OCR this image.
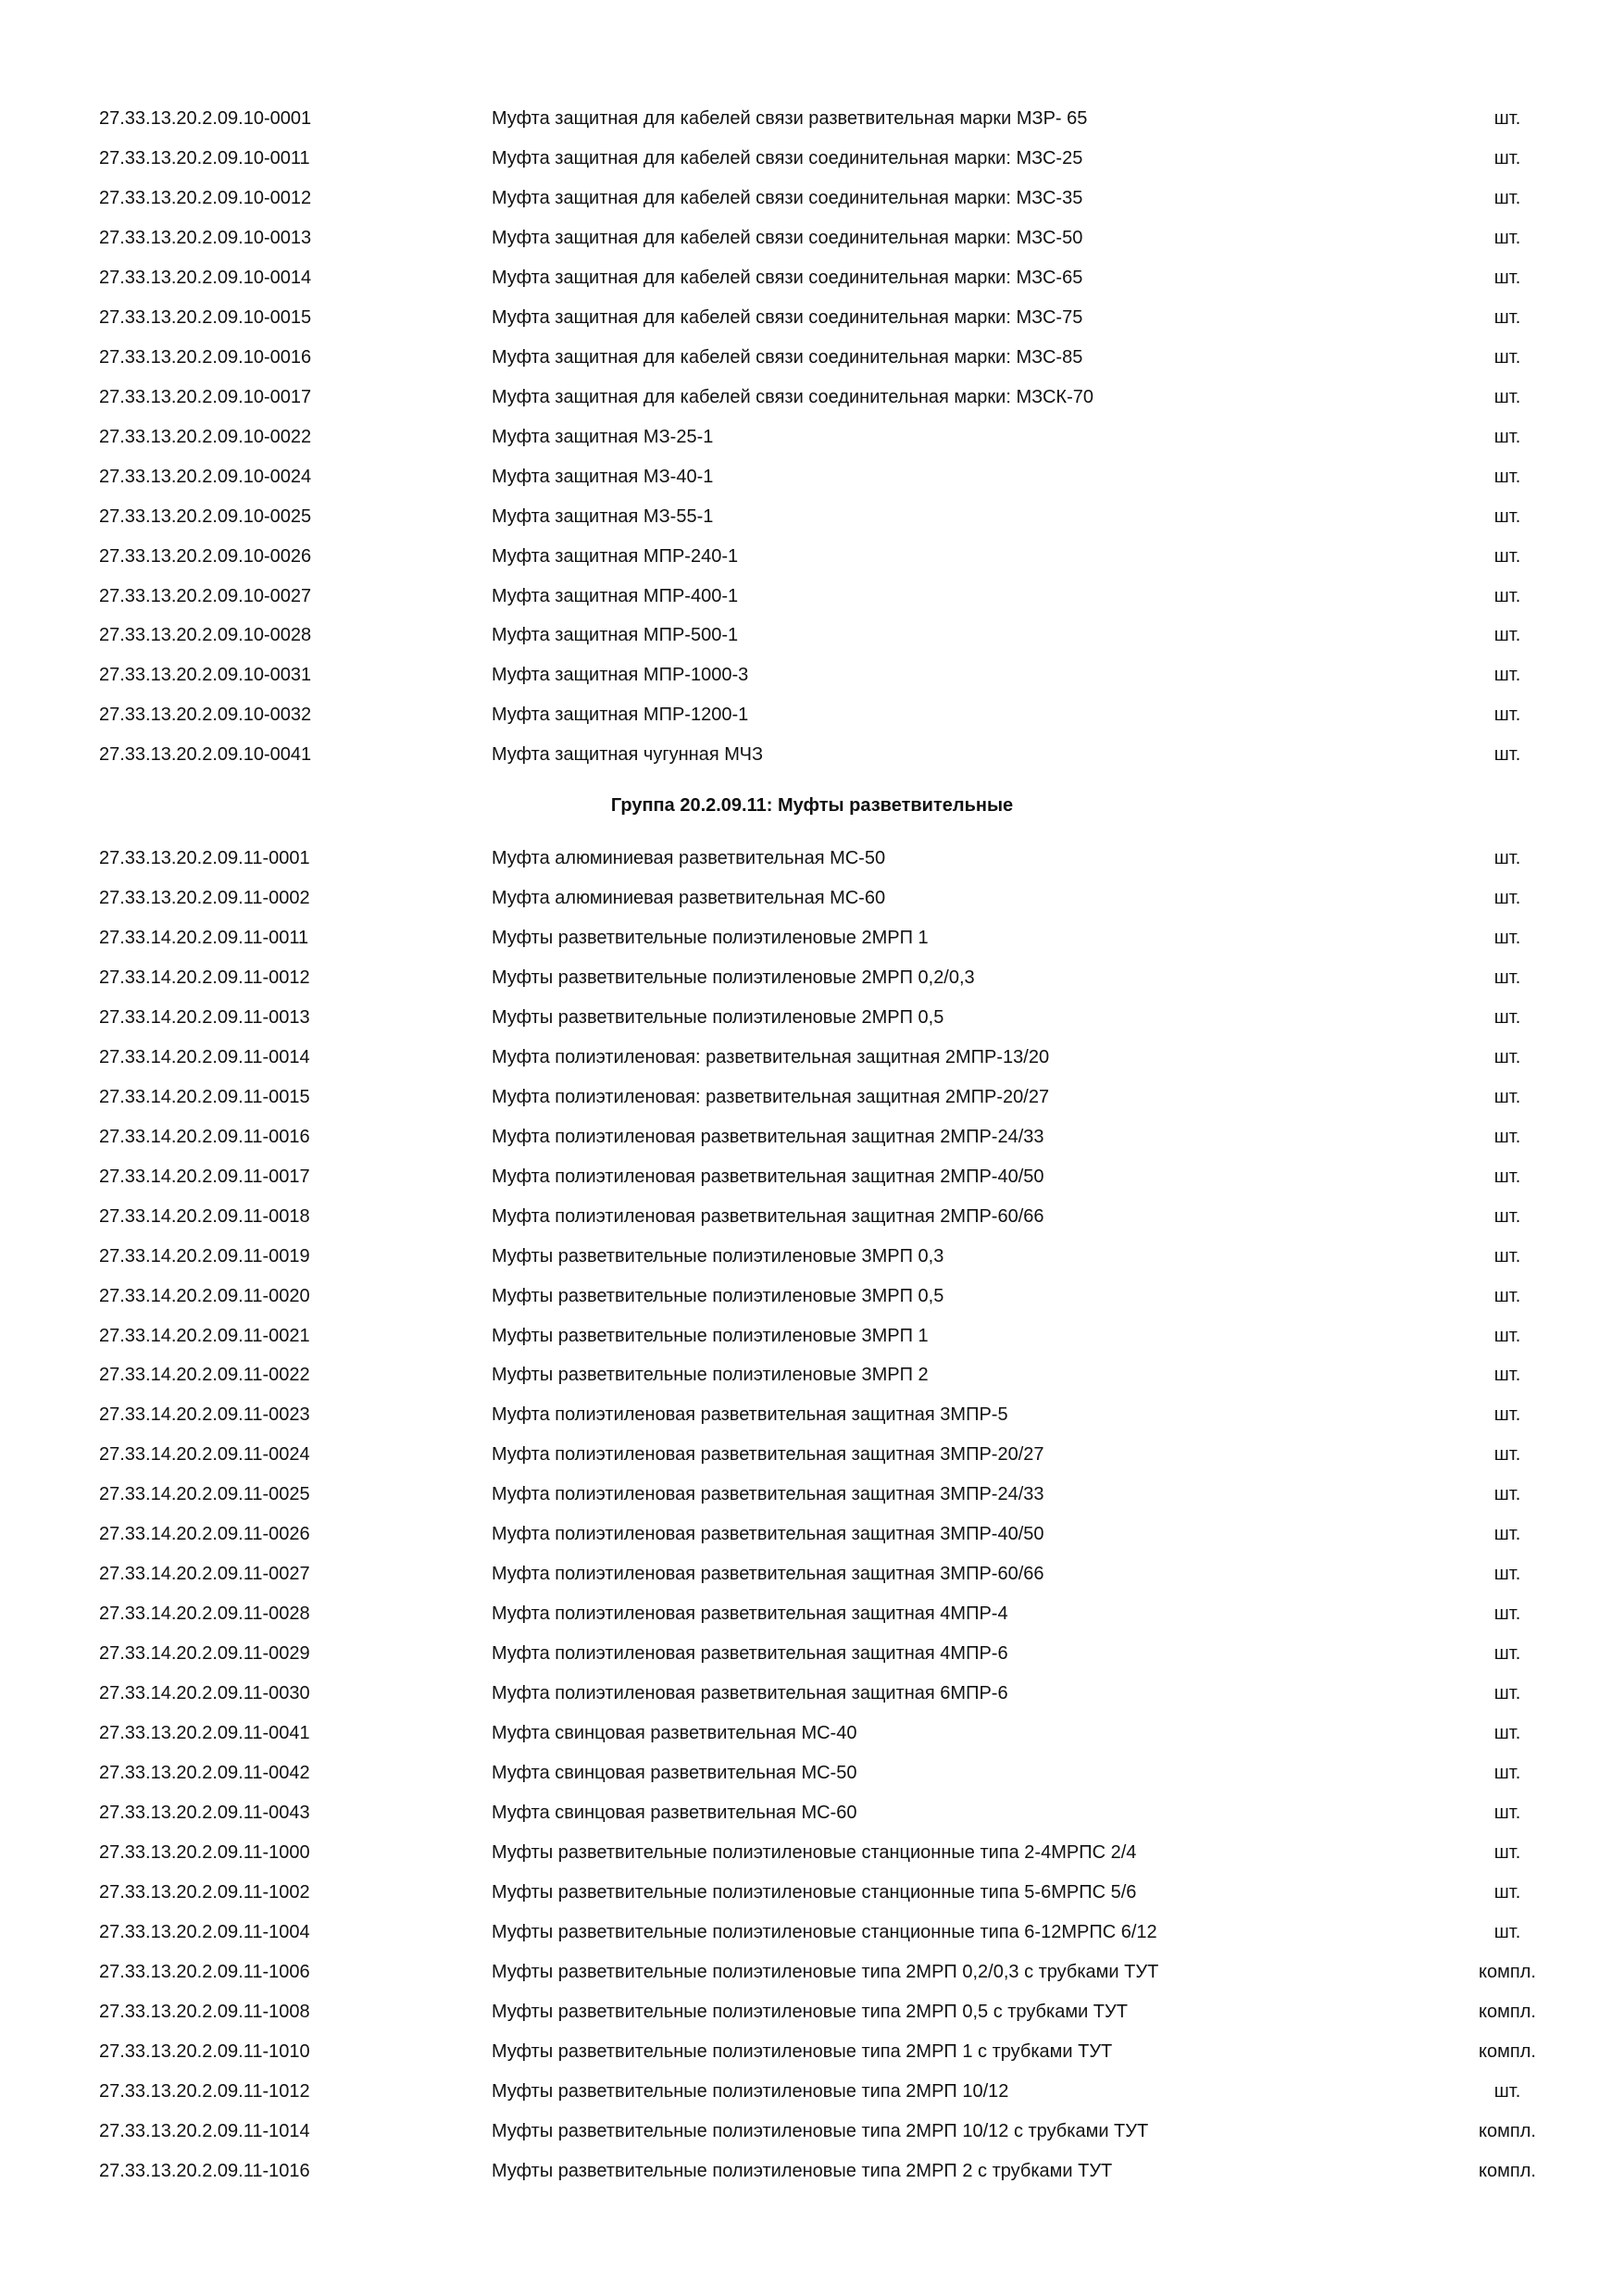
27.33.13.20.2.09.10-0001	Муфта защитная для кабелей связи разветвительная марки МЗР- 65	шт.
27.33.13.20.2.09.10-0011	Муфта защитная для кабелей связи соединительная марки: МЗС-25	шт.
27.33.13.20.2.09.10-0012	Муфта защитная для кабелей связи соединительная марки: МЗС-35	шт.
27.33.13.20.2.09.10-0013	Муфта защитная для кабелей связи соединительная марки: МЗС-50	шт.
27.33.13.20.2.09.10-0014	Муфта защитная для кабелей связи соединительная марки: МЗС-65	шт.
27.33.13.20.2.09.10-0015	Муфта защитная для кабелей связи соединительная марки: МЗС-75	шт.
27.33.13.20.2.09.10-0016	Муфта защитная для кабелей связи соединительная марки: МЗС-85	шт.
27.33.13.20.2.09.10-0017	Муфта защитная для кабелей связи соединительная марки: МЗСК-70	шт.
27.33.13.20.2.09.10-0022	Муфта защитная МЗ-25-1	шт.
27.33.13.20.2.09.10-0024	Муфта защитная МЗ-40-1	шт.
27.33.13.20.2.09.10-0025	Муфта защитная МЗ-55-1	шт.
27.33.13.20.2.09.10-0026	Муфта защитная МПР-240-1	шт.
27.33.13.20.2.09.10-0027	Муфта защитная МПР-400-1	шт.
27.33.13.20.2.09.10-0028	Муфта защитная МПР-500-1	шт.
27.33.13.20.2.09.10-0031	Муфта защитная МПР-1000-3	шт.
27.33.13.20.2.09.10-0032	Муфта защитная МПР-1200-1	шт.
27.33.13.20.2.09.10-0041	Муфта защитная чугунная МЧЗ	шт.
Группа 20.2.09.11: Муфты разветвительные
27.33.13.20.2.09.11-0001	Муфта алюминиевая разветвительная МС-50	шт.
27.33.13.20.2.09.11-0002	Муфта алюминиевая разветвительная МС-60	шт.
27.33.14.20.2.09.11-0011	Муфты разветвительные полиэтиленовые 2МРП 1	шт.
27.33.14.20.2.09.11-0012	Муфты разветвительные полиэтиленовые 2МРП 0,2/0,3	шт.
27.33.14.20.2.09.11-0013	Муфты разветвительные полиэтиленовые 2МРП 0,5	шт.
27.33.14.20.2.09.11-0014	Муфта полиэтиленовая: разветвительная защитная 2МПР-13/20	шт.
27.33.14.20.2.09.11-0015	Муфта полиэтиленовая: разветвительная защитная 2МПР-20/27	шт.
27.33.14.20.2.09.11-0016	Муфта полиэтиленовая разветвительная защитная 2МПР-24/33	шт.
27.33.14.20.2.09.11-0017	Муфта полиэтиленовая разветвительная защитная 2МПР-40/50	шт.
27.33.14.20.2.09.11-0018	Муфта полиэтиленовая разветвительная защитная 2МПР-60/66	шт.
27.33.14.20.2.09.11-0019	Муфты разветвительные полиэтиленовые 3МРП 0,3	шт.
27.33.14.20.2.09.11-0020	Муфты разветвительные полиэтиленовые 3МРП 0,5	шт.
27.33.14.20.2.09.11-0021	Муфты разветвительные полиэтиленовые 3МРП 1	шт.
27.33.14.20.2.09.11-0022	Муфты разветвительные полиэтиленовые 3МРП 2	шт.
27.33.14.20.2.09.11-0023	Муфта полиэтиленовая разветвительная защитная 3МПР-5	шт.
27.33.14.20.2.09.11-0024	Муфта полиэтиленовая разветвительная защитная 3МПР-20/27	шт.
27.33.14.20.2.09.11-0025	Муфта полиэтиленовая разветвительная защитная 3МПР-24/33	шт.
27.33.14.20.2.09.11-0026	Муфта полиэтиленовая разветвительная защитная 3МПР-40/50	шт.
27.33.14.20.2.09.11-0027	Муфта полиэтиленовая разветвительная защитная 3МПР-60/66	шт.
27.33.14.20.2.09.11-0028	Муфта полиэтиленовая разветвительная защитная 4МПР-4	шт.
27.33.14.20.2.09.11-0029	Муфта полиэтиленовая разветвительная защитная 4МПР-6	шт.
27.33.14.20.2.09.11-0030	Муфта полиэтиленовая разветвительная защитная 6МПР-6	шт.
27.33.13.20.2.09.11-0041	Муфта свинцовая разветвительная МС-40	шт.
27.33.13.20.2.09.11-0042	Муфта свинцовая разветвительная МС-50	шт.
27.33.13.20.2.09.11-0043	Муфта свинцовая разветвительная МС-60	шт.
27.33.13.20.2.09.11-1000	Муфты разветвительные полиэтиленовые станционные типа 2-4МРПС 2/4	шт.
27.33.13.20.2.09.11-1002	Муфты разветвительные полиэтиленовые станционные типа 5-6МРПС 5/6	шт.
27.33.13.20.2.09.11-1004	Муфты разветвительные полиэтиленовые станционные типа 6-12МРПС 6/12	шт.
27.33.13.20.2.09.11-1006	Муфты разветвительные полиэтиленовые типа 2МРП 0,2/0,3 с трубками ТУТ	компл.
27.33.13.20.2.09.11-1008	Муфты разветвительные полиэтиленовые типа 2МРП 0,5 с трубками ТУТ	компл.
27.33.13.20.2.09.11-1010	Муфты разветвительные полиэтиленовые типа 2МРП 1 с трубками ТУТ	компл.
27.33.13.20.2.09.11-1012	Муфты разветвительные полиэтиленовые типа 2МРП 10/12	шт.
27.33.13.20.2.09.11-1014	Муфты разветвительные полиэтиленовые типа 2МРП 10/12 с трубками ТУТ	компл.
27.33.13.20.2.09.11-1016	Муфты разветвительные полиэтиленовые типа 2МРП 2 с трубками ТУТ	компл.
